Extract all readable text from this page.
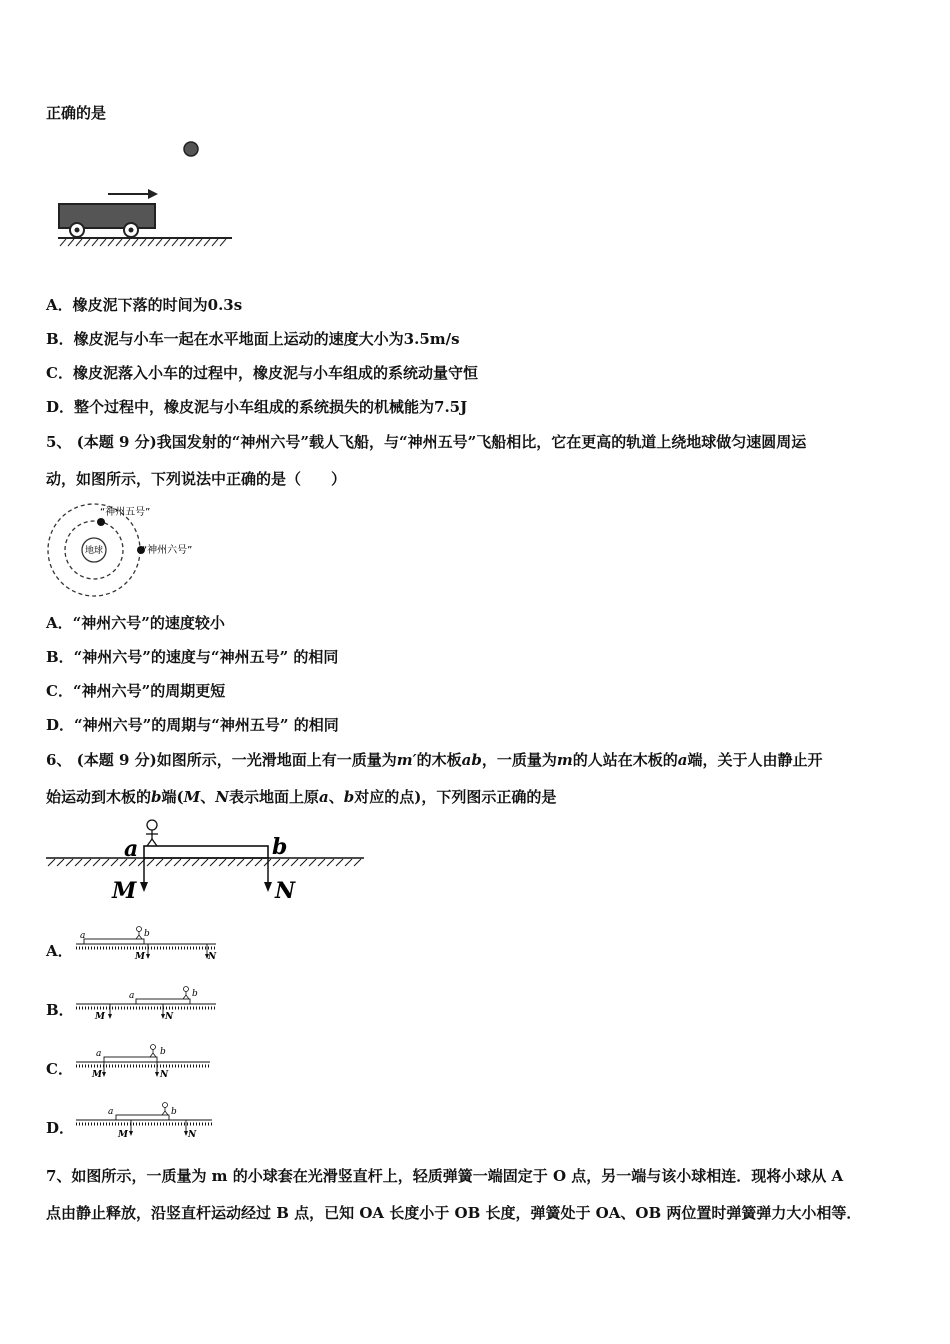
正确的是
A．橡皮泥下落的时间为0.3s
B．橡皮泥与小车一起在水平地面上运动的速度大小为3.5m/s
C．橡皮泥落入小车的过程中，橡皮泥与小车组成的系统动量守恒
D．整个过程中，橡皮泥与小车组成的系统损失的机械能为7.5J
5、 (本题 9 分)我国发射的“神州六号”载人飞船，与“神州五号”飞船相比，它在更高的轨道上绕地球做匀速圆周运
动，如图所示，下列说法中正确的是（　　）
地球
“神州五号”
“神州六号”
A．“神州六号”的速度较小
B．“神州六号”的速度与“神州五号” 的相同
C．“神州六号”的周期更短
D．“神州六号”的周期与“神州五号” 的相同
6、 (本题 9 分)如图所示，一光滑地面上有一质量为m′的木板ab，一质量为m的人站在木板的a端，关于人由静止开
始运动到木板的b端(M、N表示地面上原a、b对应的点)，下列图示正确的是
a	b
M	N
A．
a	b
M	N
B．
a	b
M	N
C．
a	b
M	N
D．
a	b
M	N
7、如图所示，一质量为 m 的小球套在光滑竖直杆上，轻质弹簧一端固定于 O 点，另一端与该小球相连．现将小球从 A
点由静止释放，沿竖直杆运动经过 B 点，已知 OA 长度小于 OB 长度，弹簧处于 OA、OB 两位置时弹簧弹力大小相等．
